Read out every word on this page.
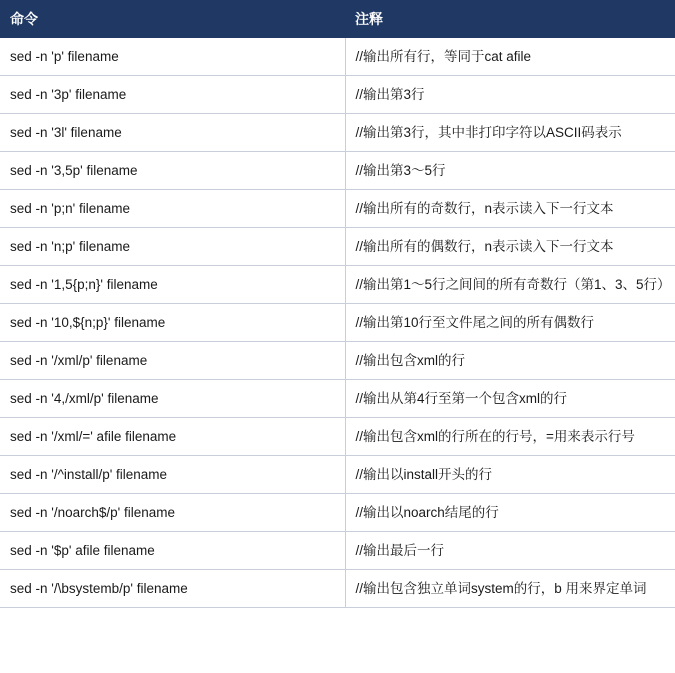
命令	注释
sed -n 'p' filename	//输出所有行，等同于cat afile
sed -n '3p' filename	//输出第3行
sed -n '3l' filename	//输出第3行，其中非打印字符以ASCII码表示
sed -n '3,5p' filename	//输出第3～5行
sed -n 'p;n' filename	//输出所有的奇数行，n表示读入下一行文本
sed -n 'n;p' filename	//输出所有的偶数行，n表示读入下一行文本
sed -n '1,5{p;n}' filename	//输出第1～5行之间间的所有奇数行（第1、3、5行）
sed -n '10,${n;p}' filename	//输出第10行至文件尾之间的所有偶数行
sed -n '/xml/p' filename	//输出包含xml的行
sed -n '4,/xml/p' filename	//输出从第4行至第一个包含xml的行
sed -n '/xml/=' afile filename	//输出包含xml的行所在的行号，=用来表示行号
sed -n '/^install/p' filename	//输出以install开头的行
sed -n '/noarch$/p' filename	//输出以noarch结尾的行
sed -n '$p' afile filename	//输出最后一行
sed -n '/\bsystemb/p' filename	//输出包含独立单词system的行，b 用来界定单词
